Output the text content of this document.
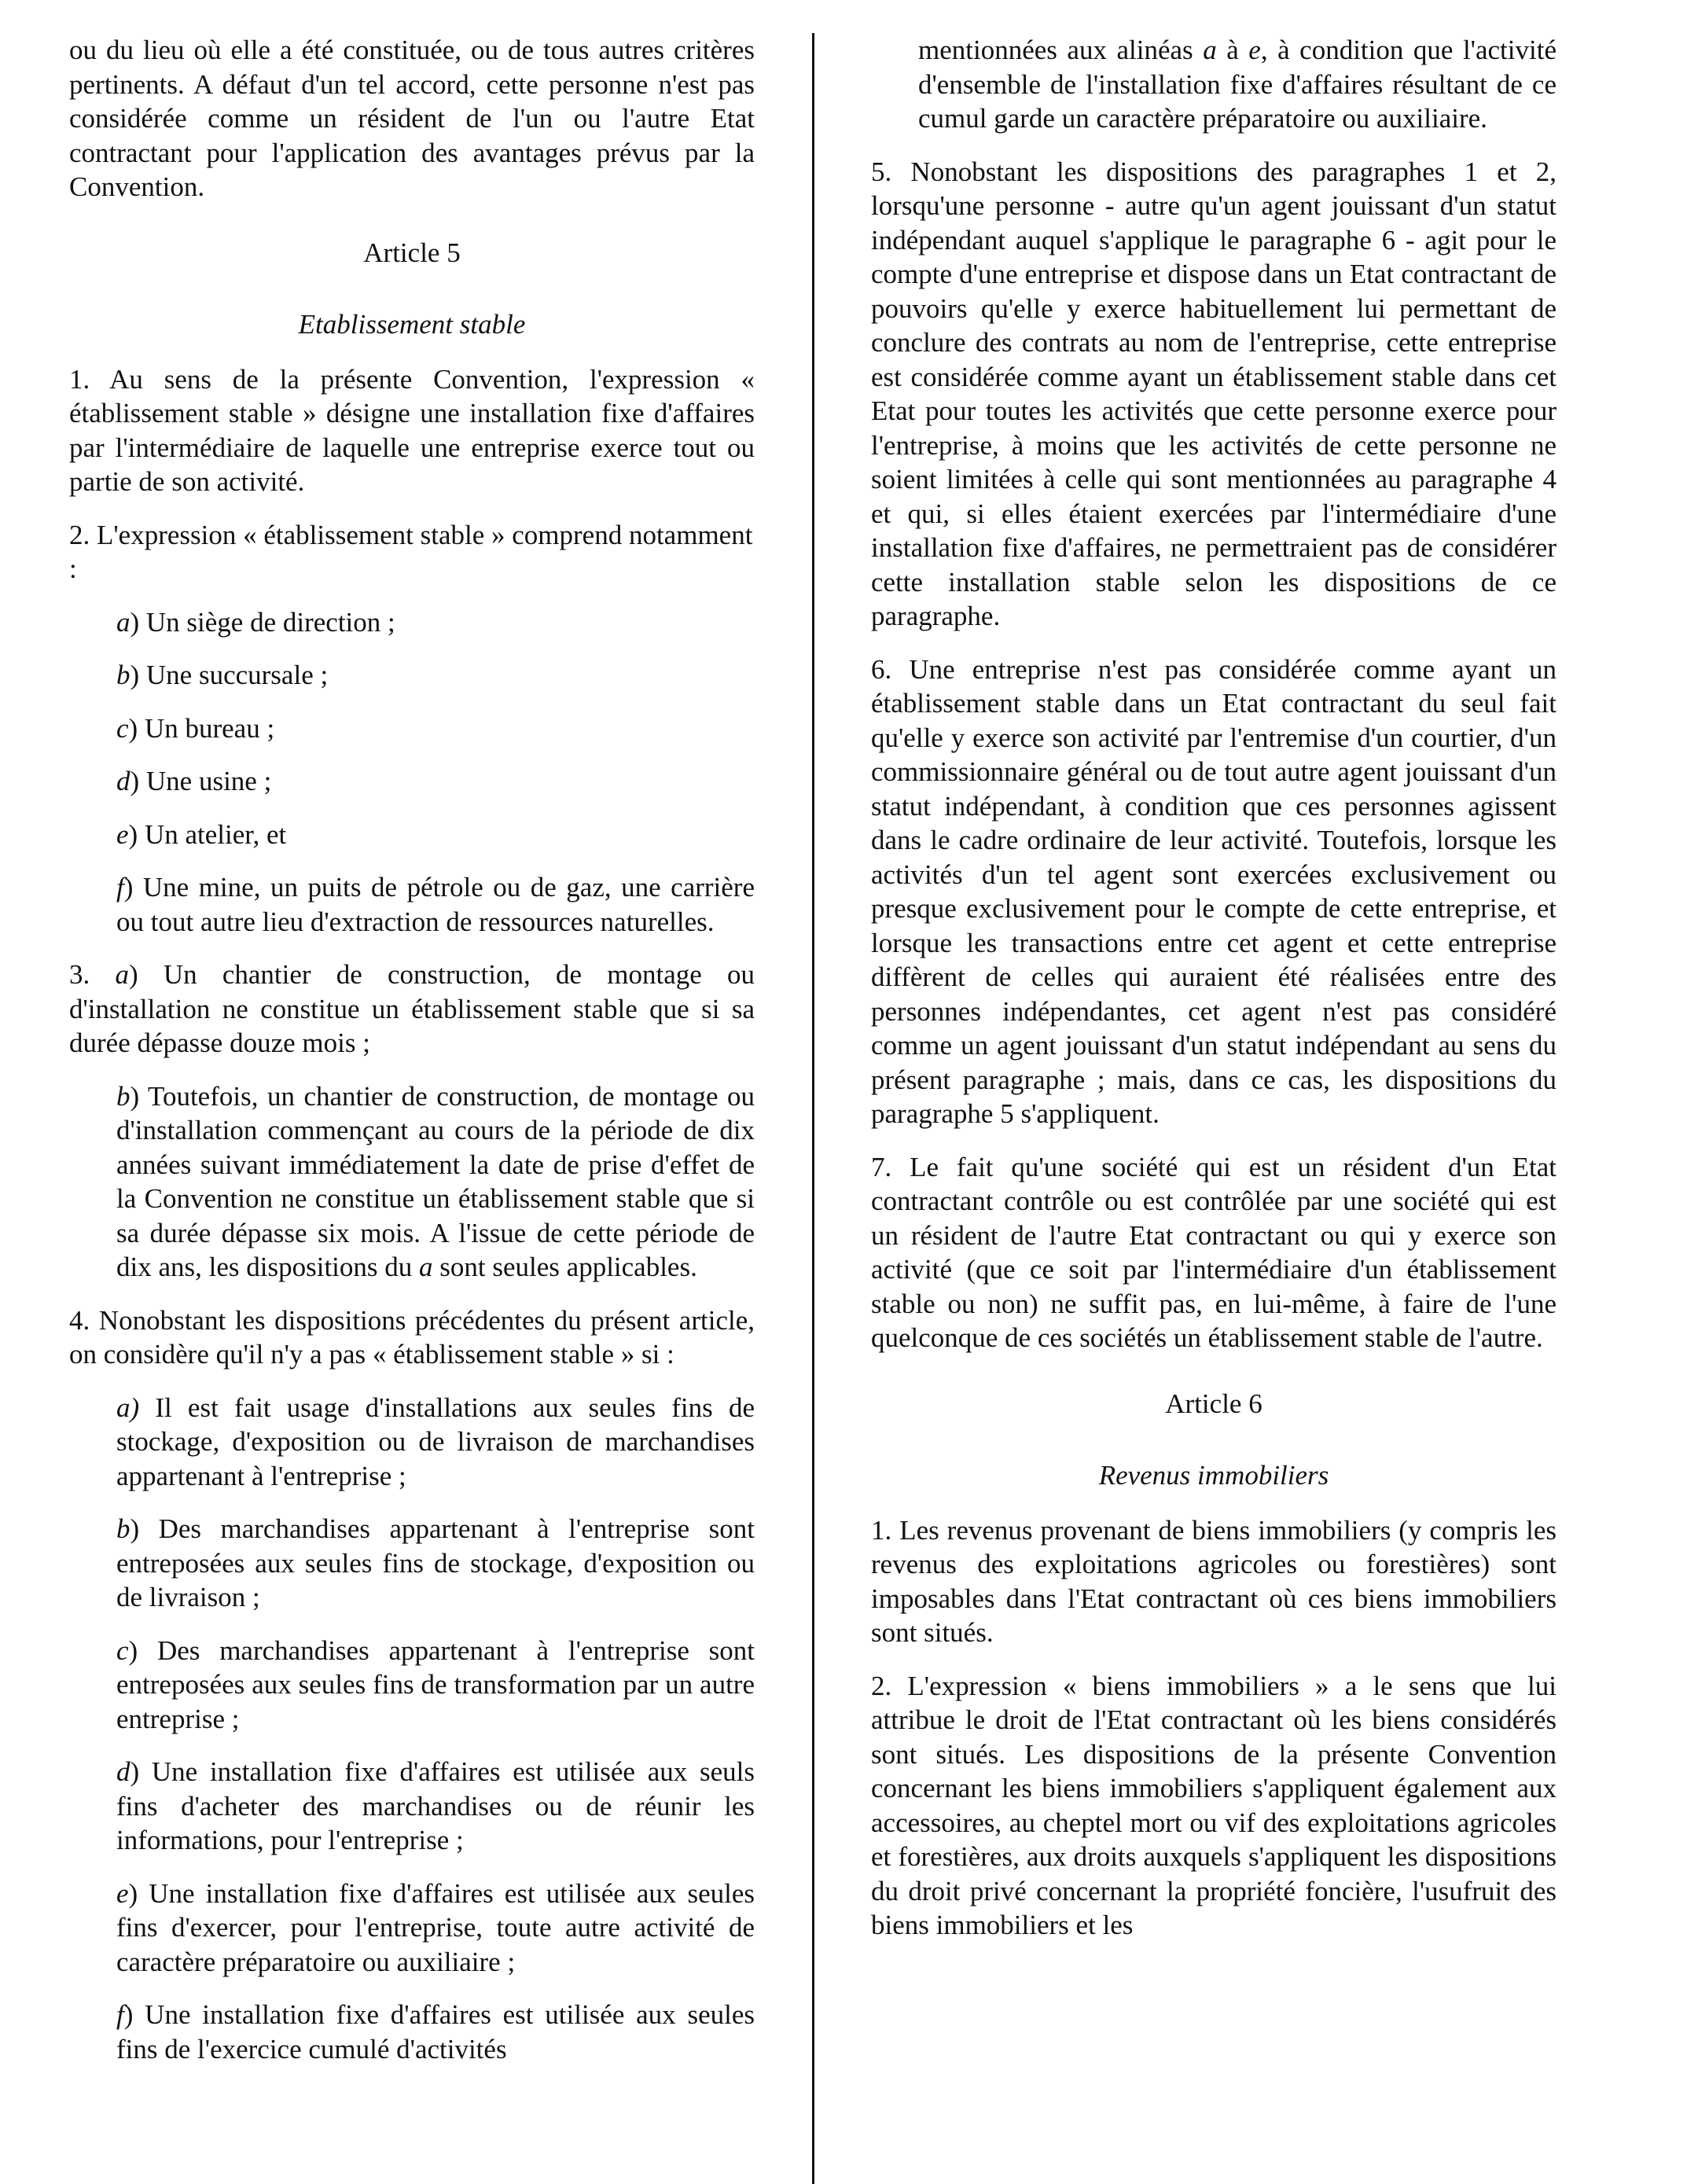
ou du lieu où elle a été constituée, ou de tous autres critères pertinents. A défaut d'un tel accord, cette personne n'est pas considérée comme un résident de l'un ou l'autre Etat contractant pour l'application des avantages prévus par la Convention.

Article 5
Etablissement stable

1. Au sens de la présente Convention, l'expression « établissement stable » désigne une installation fixe d'affaires par l'intermédiaire de laquelle une entreprise exerce tout ou partie de son activité.

2. L'expression « établissement stable » comprend notamment :

a) Un siège de direction ;

b) Une succursale ;

c) Un bureau ;

d) Une usine ;

e) Un atelier, et

f) Une mine, un puits de pétrole ou de gaz, une carrière ou tout autre lieu d'extraction de ressources naturelles.

3. a) Un chantier de construction, de montage ou d'installation ne constitue un établissement stable que si sa durée dépasse douze mois ;

b) Toutefois, un chantier de construction, de montage ou d'installation commençant au cours de la période de dix années suivant immédiatement la date de prise d'effet de la Convention ne constitue un établissement stable que si sa durée dépasse six mois. A l'issue de cette période de dix ans, les dispositions du a sont seules applicables.

4. Nonobstant les dispositions précédentes du présent article, on considère qu'il n'y a pas « établissement stable » si :

a) Il est fait usage d'installations aux seules fins de stockage, d'exposition ou de livraison de marchandises appartenant à l'entreprise ;

b) Des marchandises appartenant à l'entreprise sont entreposées aux seules fins de stockage, d'exposition ou de livraison ;

c) Des marchandises appartenant à l'entreprise sont entreposées aux seules fins de transformation par un autre entreprise ;

d) Une installation fixe d'affaires est utilisée aux seuls fins d'acheter des marchandises ou de réunir les informations, pour l'entreprise ;

e) Une installation fixe d'affaires est utilisée aux seules fins d'exercer, pour l'entreprise, toute autre activité de caractère préparatoire ou auxiliaire ;

f) Une installation fixe d'affaires est utilisée aux seules fins de l'exercice cumulé d'activités

mentionnées aux alinéas a à e, à condition que l'activité d'ensemble de l'installation fixe d'affaires résultant de ce cumul garde un caractère préparatoire ou auxiliaire.

5. Nonobstant les dispositions des paragraphes 1 et 2, lorsqu'une personne - autre qu'un agent jouissant d'un statut indépendant auquel s'applique le paragraphe 6 - agit pour le compte d'une entreprise et dispose dans un Etat contractant de pouvoirs qu'elle y exerce habituellement lui permettant de conclure des contrats au nom de l'entreprise, cette entreprise est considérée comme ayant un établissement stable dans cet Etat pour toutes les activités que cette personne exerce pour l'entreprise, à moins que les activités de cette personne ne soient limitées à celle qui sont mentionnées au paragraphe 4 et qui, si elles étaient exercées par l'intermédiaire d'une installation fixe d'affaires, ne permettraient pas de considérer cette installation stable selon les dispositions de ce paragraphe.

6. Une entreprise n'est pas considérée comme ayant un établissement stable dans un Etat contractant du seul fait qu'elle y exerce son activité par l'entremise d'un courtier, d'un commissionnaire général ou de tout autre agent jouissant d'un statut indépendant, à condition que ces personnes agissent dans le cadre ordinaire de leur activité. Toutefois, lorsque les activités d'un tel agent sont exercées exclusivement ou presque exclusivement pour le compte de cette entreprise, et lorsque les transactions entre cet agent et cette entreprise diffèrent de celles qui auraient été réalisées entre des personnes indépendantes, cet agent n'est pas considéré comme un agent jouissant d'un statut indépendant au sens du présent paragraphe ; mais, dans ce cas, les dispositions du paragraphe 5 s'appliquent.

7. Le fait qu'une société qui est un résident d'un Etat contractant contrôle ou est contrôlée par une société qui est un résident de l'autre Etat contractant ou qui y exerce son activité (que ce soit par l'intermédiaire d'un établissement stable ou non) ne suffit pas, en lui-même, à faire de l'une quelconque de ces sociétés un établissement stable de l'autre.

Article 6
Revenus immobiliers

1. Les revenus provenant de biens immobiliers (y compris les revenus des exploitations agricoles ou forestières) sont imposables dans l'Etat contractant où ces biens immobiliers sont situés.

2. L'expression « biens immobiliers » a le sens que lui attribue le droit de l'Etat contractant où les biens considérés sont situés. Les dispositions de la présente Convention concernant les biens immobiliers s'appliquent également aux accessoires, au cheptel mort ou vif des exploitations agricoles et forestières, aux droits auxquels s'appliquent les dispositions du droit privé concernant la propriété foncière, l'usufruit des biens immobiliers et les
